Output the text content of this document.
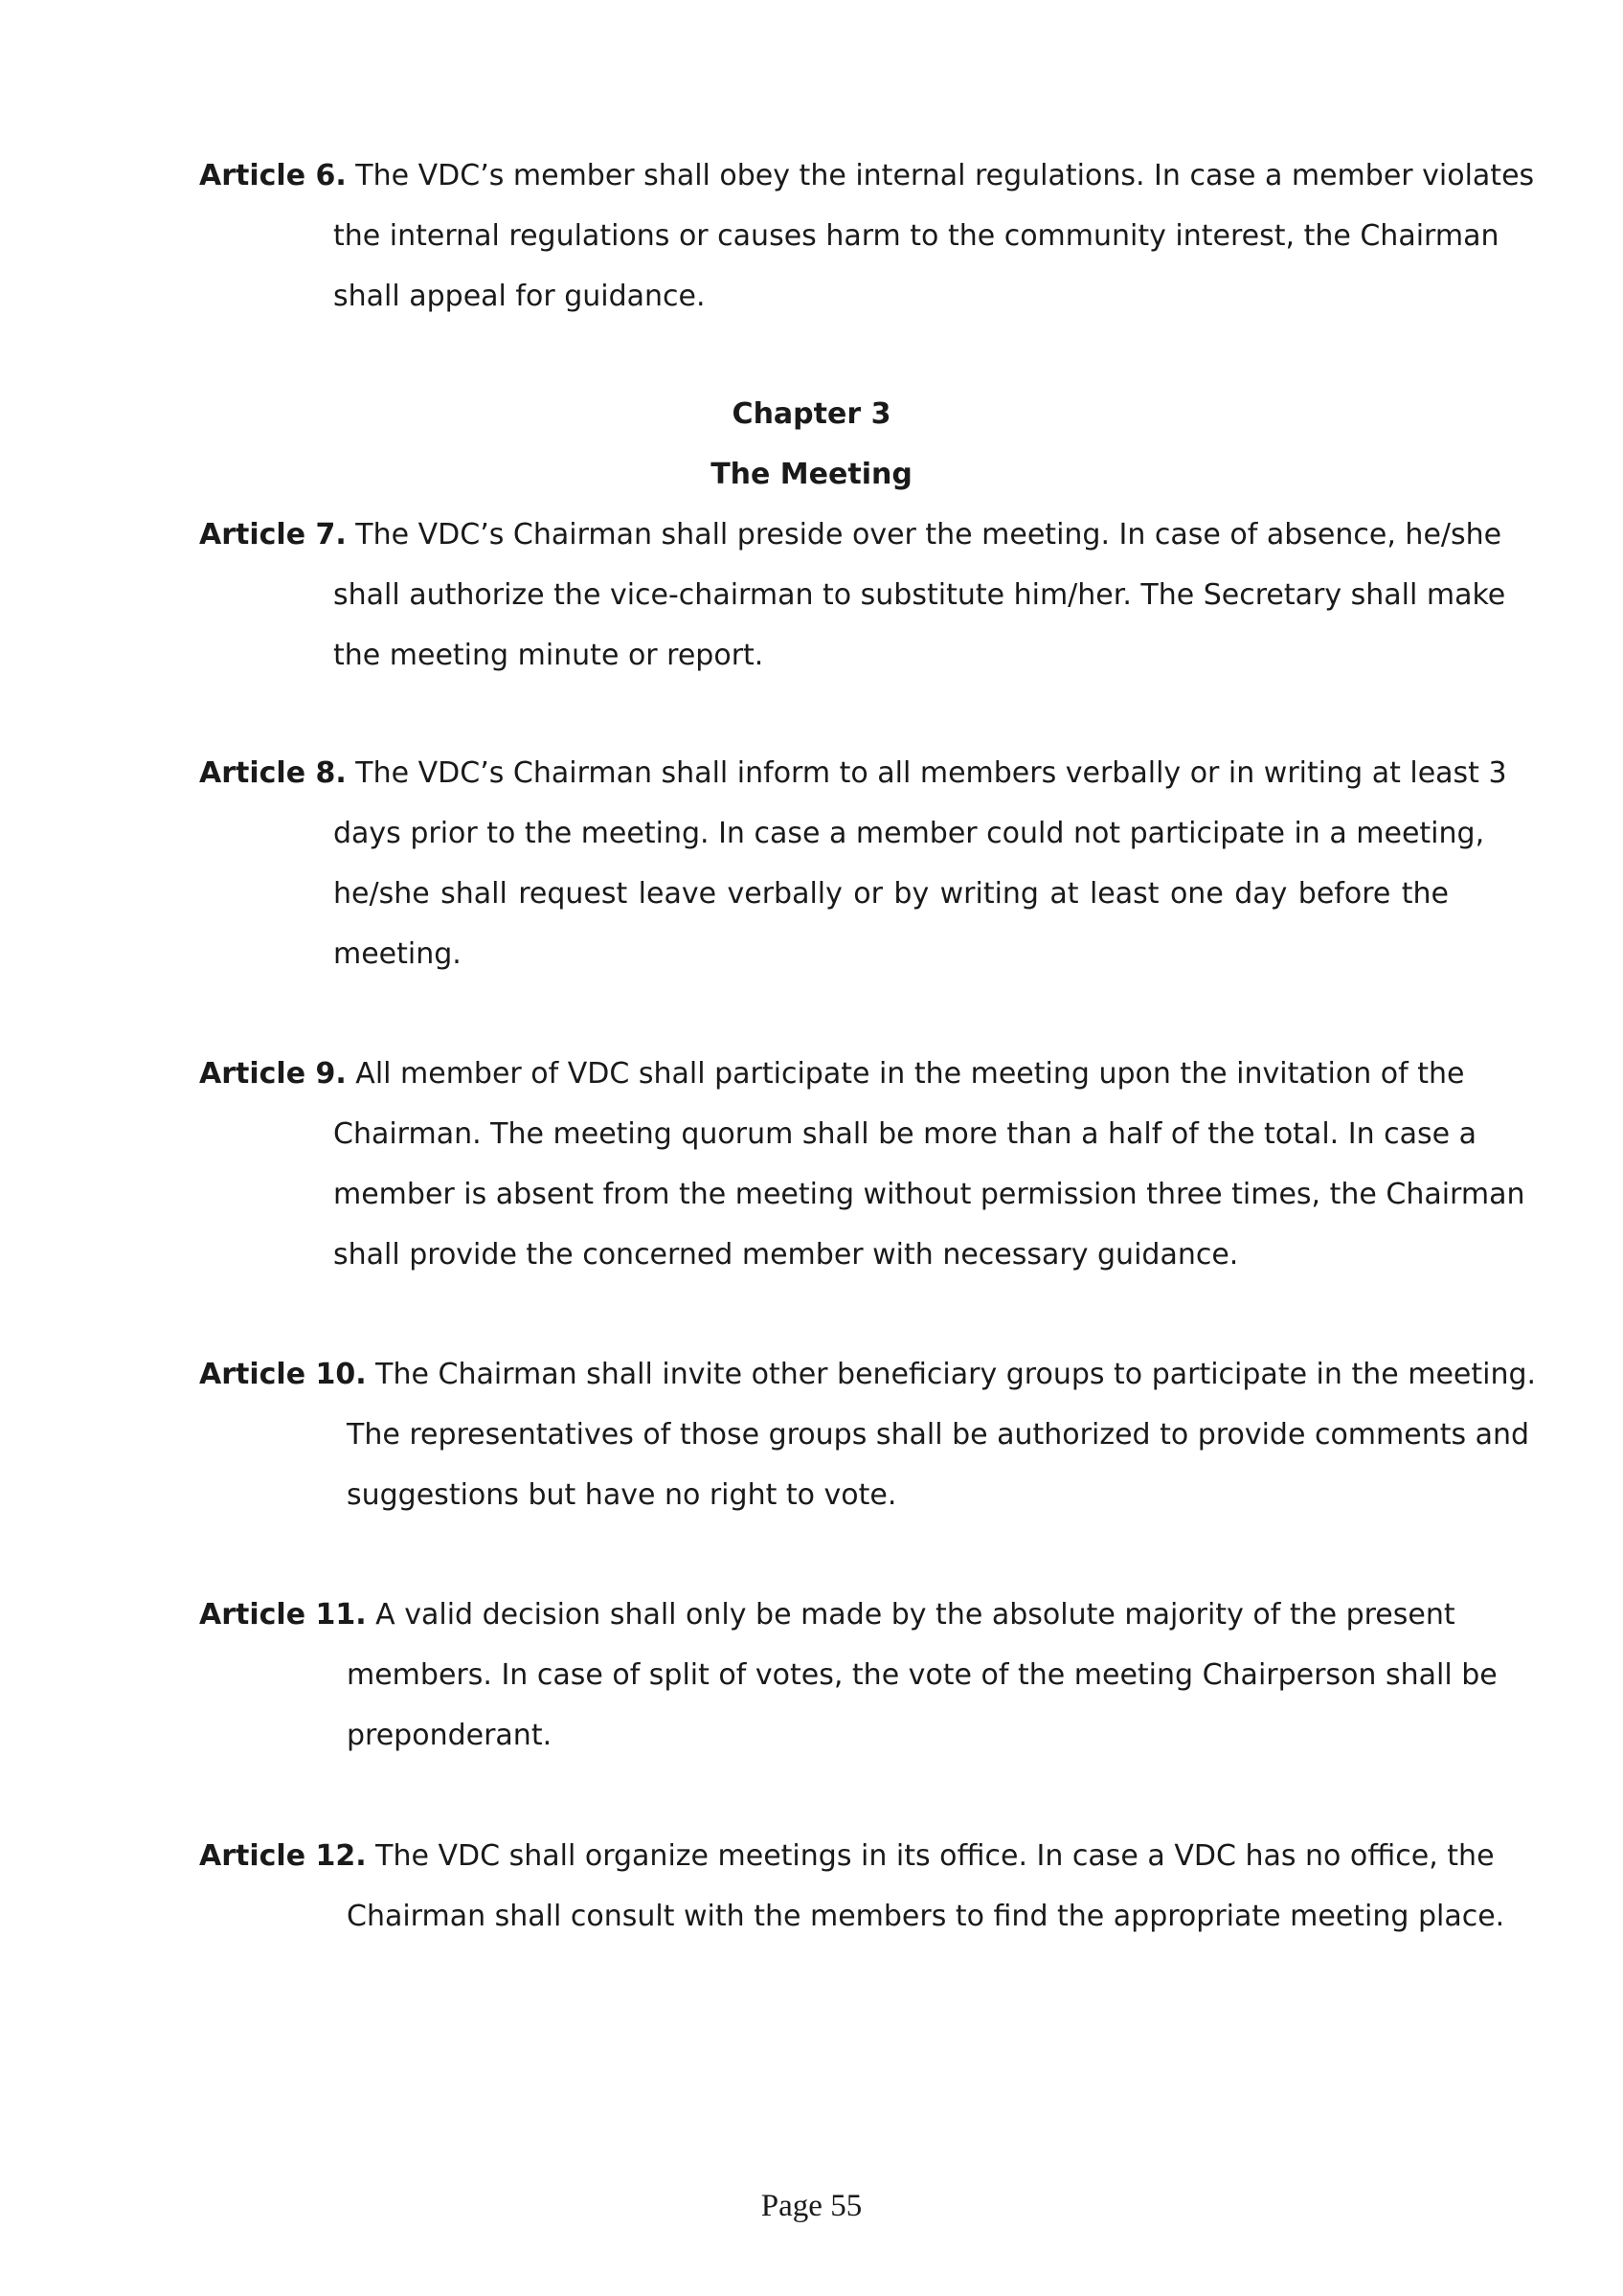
Article 6. The VDC’s member shall obey the internal regulations. In case a member violates
the internal regulations or causes harm to the community interest, the Chairman
shall appeal for guidance.

Chapter 3
The Meeting

Article 7. The VDC’s Chairman shall preside over the meeting. In case of absence, he/she
shall authorize the vice-chairman to substitute him/her. The Secretary shall make
the meeting minute or report.

Article 8. The VDC’s Chairman shall inform to all members verbally or in writing at least 3
days prior to the meeting. In case a member could not participate in a meeting,
he/she shall request leave verbally or by writing at least one day before the
meeting.

Article 9. All member of VDC shall participate in the meeting upon the invitation of the
Chairman. The meeting quorum shall be more than a half of the total. In case a
member is absent from the meeting without permission three times, the Chairman
shall provide the concerned member with necessary guidance.

Article 10. The Chairman shall invite other beneficiary groups to participate in the meeting.
The representatives of those groups shall be authorized to provide comments and
suggestions but have no right to vote.

Article 11. A valid decision shall only be made by the absolute majority of the present
members. In case of split of votes, the vote of the meeting Chairperson shall be
preponderant.

Article 12. The VDC shall organize meetings in its office. In case a VDC has no office, the
Chairman shall consult with the members to find the appropriate meeting place.

Page 55
